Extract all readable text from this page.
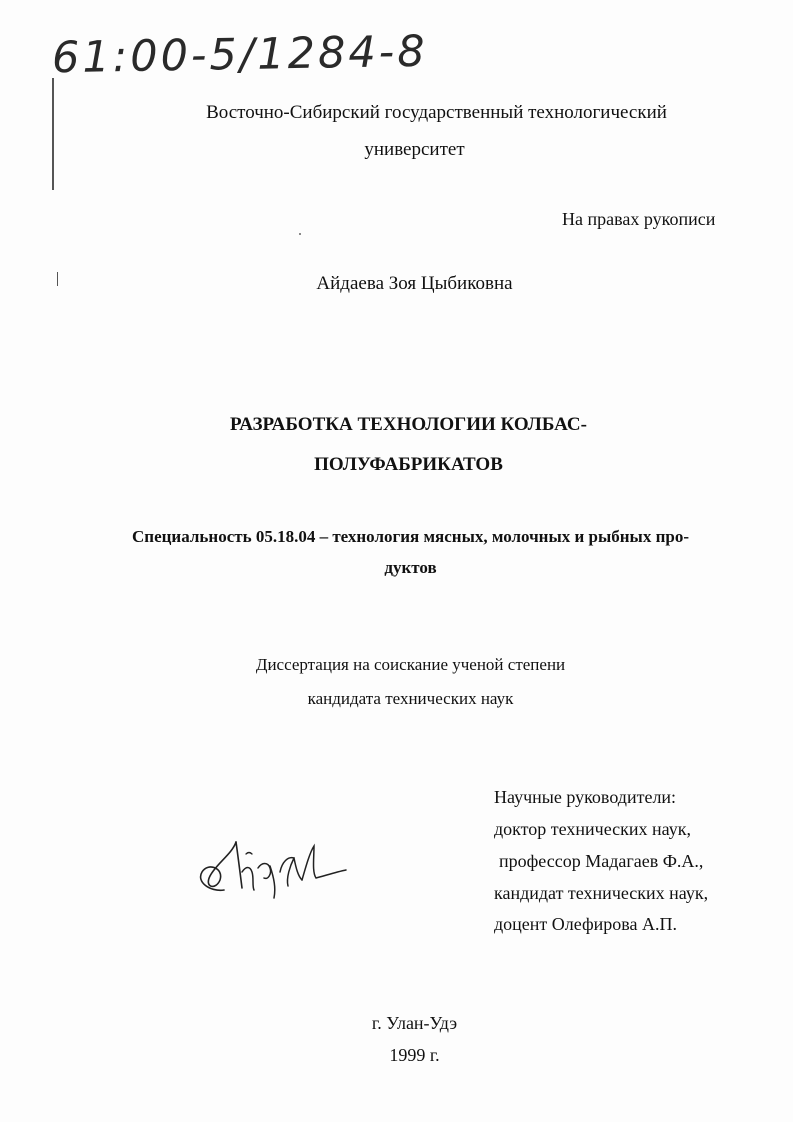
61:00-5/1284-8

Восточно-Сибирский государственный технологический

университет

На правах рукописи

Айдаева Зоя Цыбиковна

РАЗРАБОТКА ТЕХНОЛОГИИ КОЛБАС-

ПОЛУФАБРИКАТОВ

Специальность 05.18.04 – технология мясных, молочных и рыбных про-

дуктов

Диссертация на соискание ученой степени

кандидата технических наук

Научные руководители:

доктор технических наук,

профессор Мадагаев Ф.А.,

кандидат технических наук,

доцент Олефирова А.П.

г. Улан-Удэ

1999 г.
